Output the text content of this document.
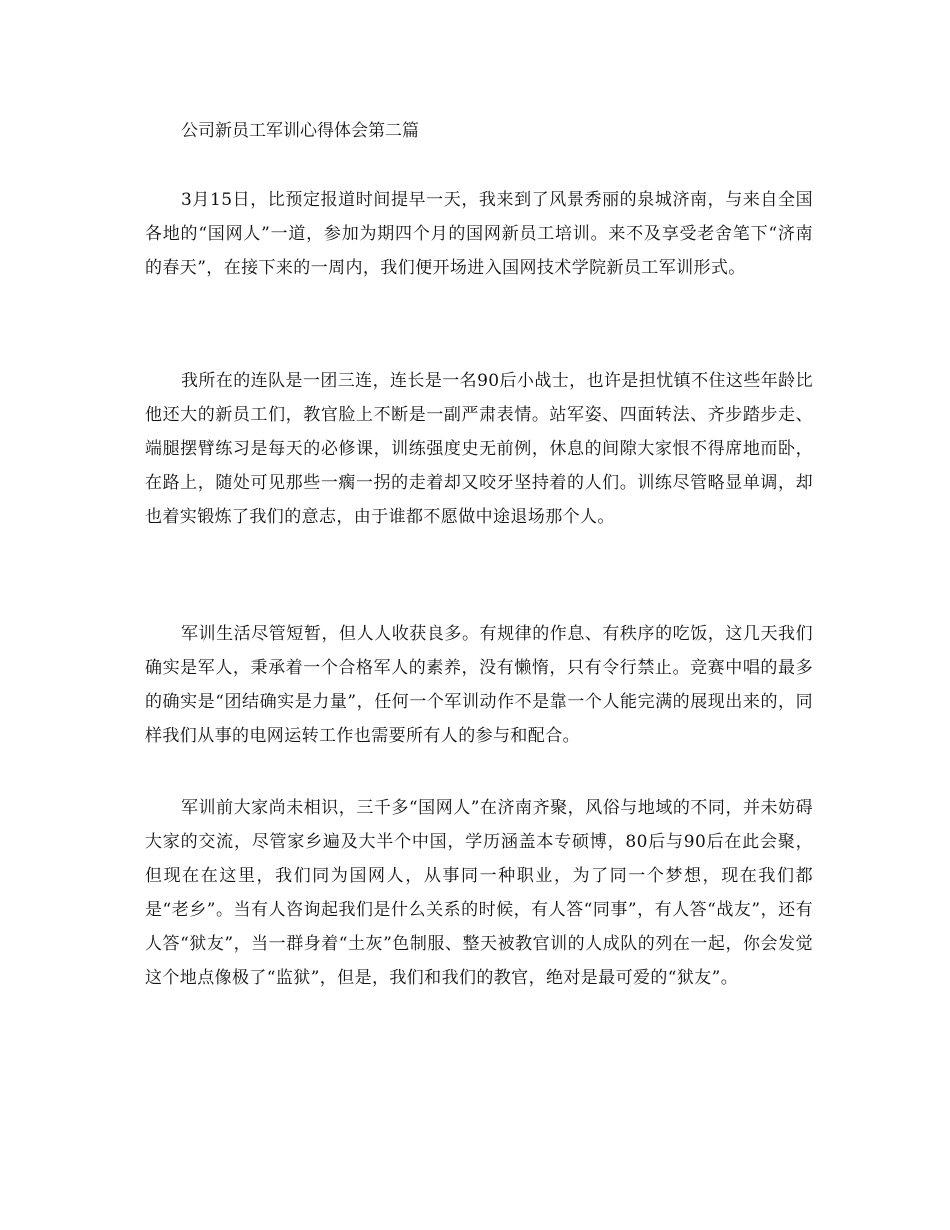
公司新员工军训心得体会第二篇

3月15日，比预定报道时间提早一天，我来到了风景秀丽的泉城济南，与来自全国各地的“国网人”一道，参加为期四个月的国网新员工培训。来不及享受老舍笔下“济南的春天”，在接下来的一周内，我们便开场进入国网技术学院新员工军训形式。

我所在的连队是一团三连，连长是一名90后小战士，也许是担忧镇不住这些年龄比他还大的新员工们，教官脸上不断是一副严肃表情。站军姿、四面转法、齐步踏步走、端腿摆臂练习是每天的必修课，训练强度史无前例，休息的间隙大家恨不得席地而卧，在路上，随处可见那些一瘸一拐的走着却又咬牙坚持着的人们。训练尽管略显单调，却也着实锻炼了我们的意志，由于谁都不愿做中途退场那个人。

军训生活尽管短暂，但人人收获良多。有规律的作息、有秩序的吃饭，这几天我们确实是军人，秉承着一个合格军人的素养，没有懒惰，只有令行禁止。竞赛中唱的最多的确实是“团结确实是力量”，任何一个军训动作不是靠一个人能完满的展现出来的，同样我们从事的电网运转工作也需要所有人的参与和配合。

军训前大家尚未相识，三千多“国网人”在济南齐聚，风俗与地域的不同，并未妨碍大家的交流，尽管家乡遍及大半个中国，学历涵盖本专硕博，80后与90后在此会聚，但现在在这里，我们同为国网人，从事同一种职业，为了同一个梦想，现在我们都是“老乡”。当有人咨询起我们是什么关系的时候，有人答“同事”，有人答“战友”，还有人答“狱友”，当一群身着“土灰”色制服、整天被教官训的人成队的列在一起，你会发觉这个地点像极了“监狱”，但是，我们和我们的教官，绝对是最可爱的“狱友”。
